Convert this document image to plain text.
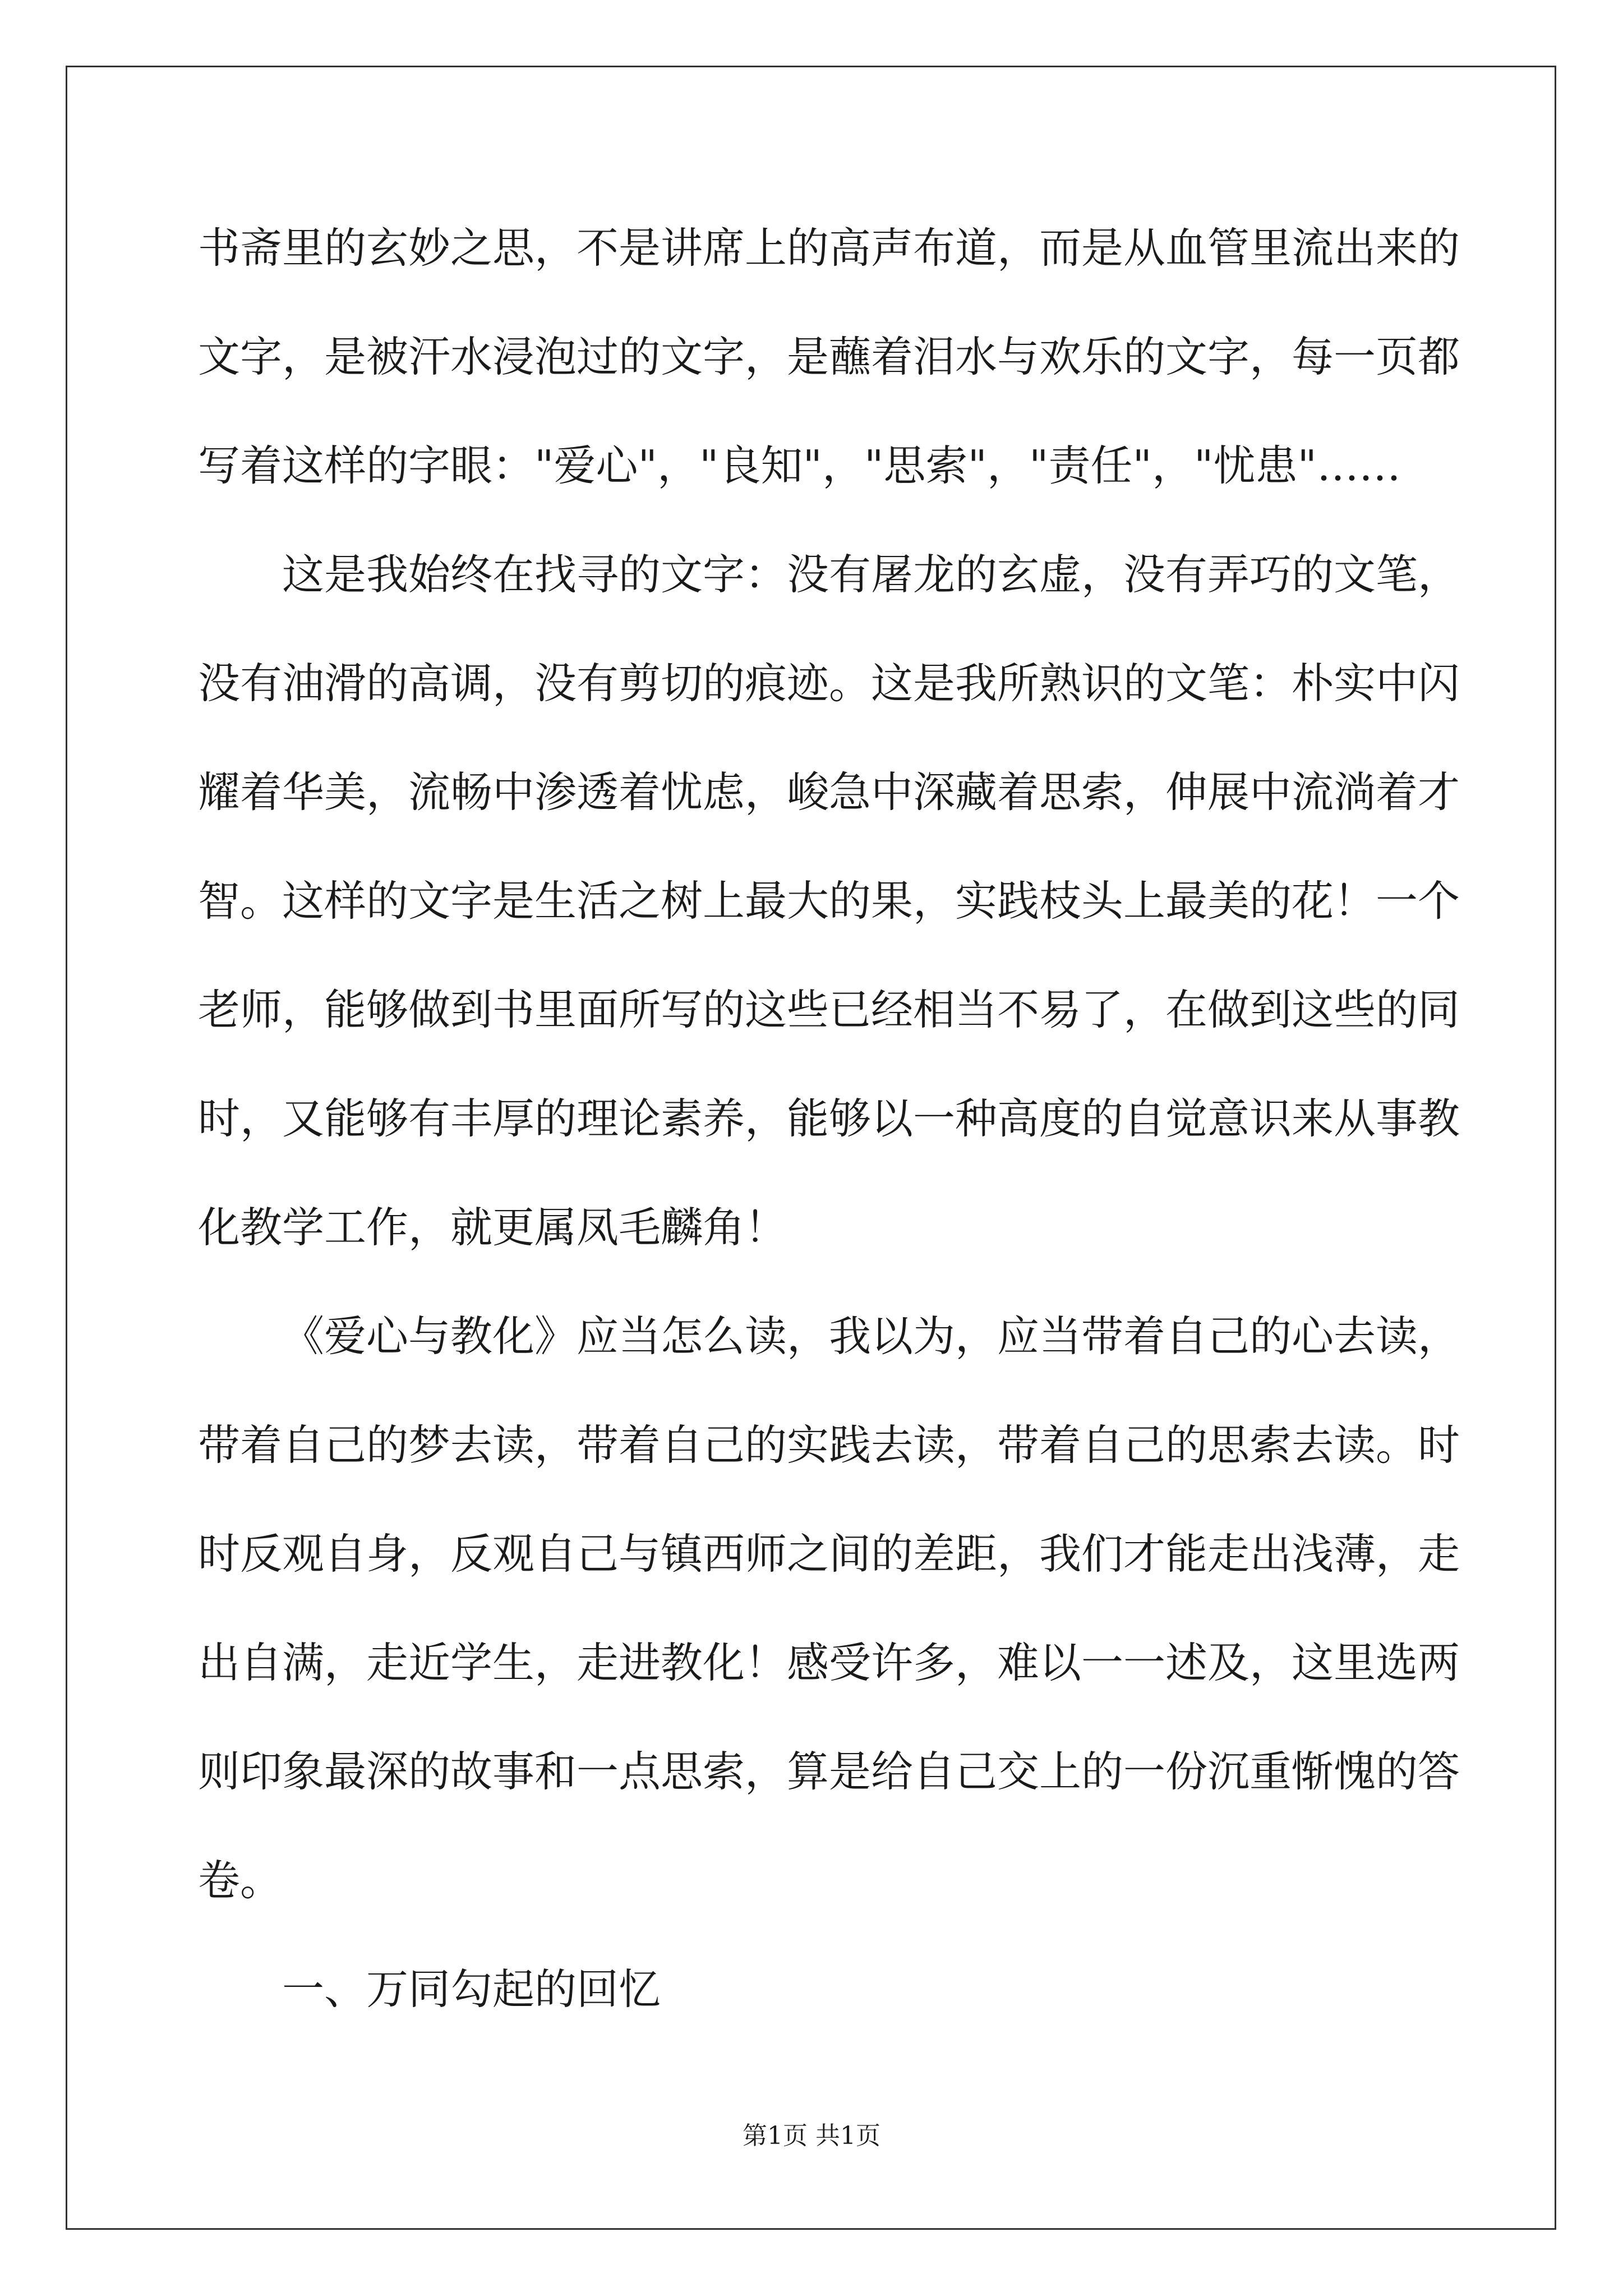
书斋里的玄妙之思，不是讲席上的高声布道，而是从血管里流出来的
文字，是被汗水浸泡过的文字，是蘸着泪水与欢乐的文字，每一页都
写着这样的字眼："爱心"，"良知"，"思索"，"责任"，"忧患"……
这是我始终在找寻的文字：没有屠龙的玄虚，没有弄巧的文笔，
没有油滑的高调，没有剪切的痕迹。这是我所熟识的文笔：朴实中闪
耀着华美，流畅中渗透着忧虑，峻急中深藏着思索，伸展中流淌着才
智。这样的文字是生活之树上最大的果，实践枝头上最美的花！一个
老师，能够做到书里面所写的这些已经相当不易了，在做到这些的同
时，又能够有丰厚的理论素养，能够以一种高度的自觉意识来从事教
化教学工作，就更属凤毛麟角！
《爱心与教化》应当怎么读，我以为，应当带着自己的心去读，
带着自己的梦去读，带着自己的实践去读，带着自己的思索去读。时
时反观自身，反观自己与镇西师之间的差距，我们才能走出浅薄，走
出自满，走近学生，走进教化！感受许多，难以一一述及，这里选两
则印象最深的故事和一点思索，算是给自己交上的一份沉重惭愧的答
卷。
一、万同勾起的回忆
第1页 共1页
